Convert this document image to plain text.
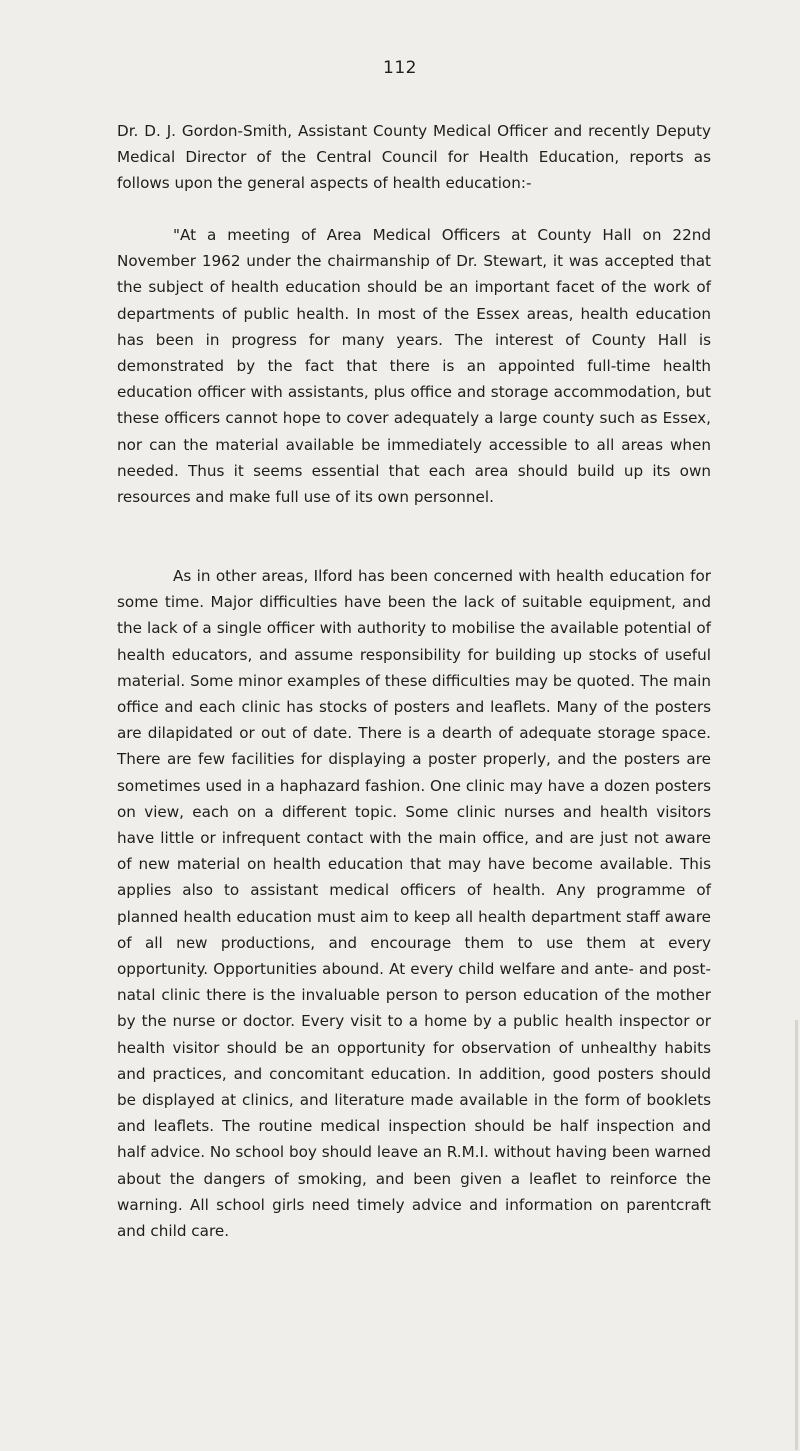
112

Dr. D. J. Gordon-Smith, Assistant County Medical Officer and recently Deputy Medical Director of the Central Council for Health Education, reports as follows upon the general aspects of health education:-

"At a meeting of Area Medical Officers at County Hall on 22nd November 1962 under the chairmanship of Dr. Stewart, it was accepted that the subject of health education should be an important facet of the work of departments of public health. In most of the Essex areas, health education has been in progress for many years. The interest of County Hall is demonstrated by the fact that there is an appointed full-time health education officer with assistants, plus office and storage accommodation, but these officers cannot hope to cover adequately a large county such as Essex, nor can the material available be immediately accessible to all areas when needed. Thus it seems essential that each area should build up its own resources and make full use of its own personnel.

As in other areas, Ilford has been concerned with health education for some time. Major difficulties have been the lack of suitable equipment, and the lack of a single officer with authority to mobilise the available potential of health educators, and assume responsibility for building up stocks of useful material. Some minor examples of these difficulties may be quoted. The main office and each clinic has stocks of posters and leaflets. Many of the posters are dilapidated or out of date. There is a dearth of adequate storage space. There are few facilities for displaying a poster properly, and the posters are sometimes used in a haphazard fashion. One clinic may have a dozen posters on view, each on a different topic. Some clinic nurses and health visitors have little or infrequent contact with the main office, and are just not aware of new material on health education that may have become available. This applies also to assistant medical officers of health. Any programme of planned health education must aim to keep all health department staff aware of all new productions, and encourage them to use them at every opportunity. Opportunities abound. At every child welfare and ante- and post-natal clinic there is the invaluable person to person education of the mother by the nurse or doctor. Every visit to a home by a public health inspector or health visitor should be an opportunity for observation of unhealthy habits and practices, and concomitant education. In addition, good posters should be displayed at clinics, and literature made available in the form of booklets and leaflets. The routine medical inspection should be half inspection and half advice. No school boy should leave an R.M.I. without having been warned about the dangers of smoking, and been given a leaflet to reinforce the warning. All school girls need timely advice and information on parentcraft and child care.
